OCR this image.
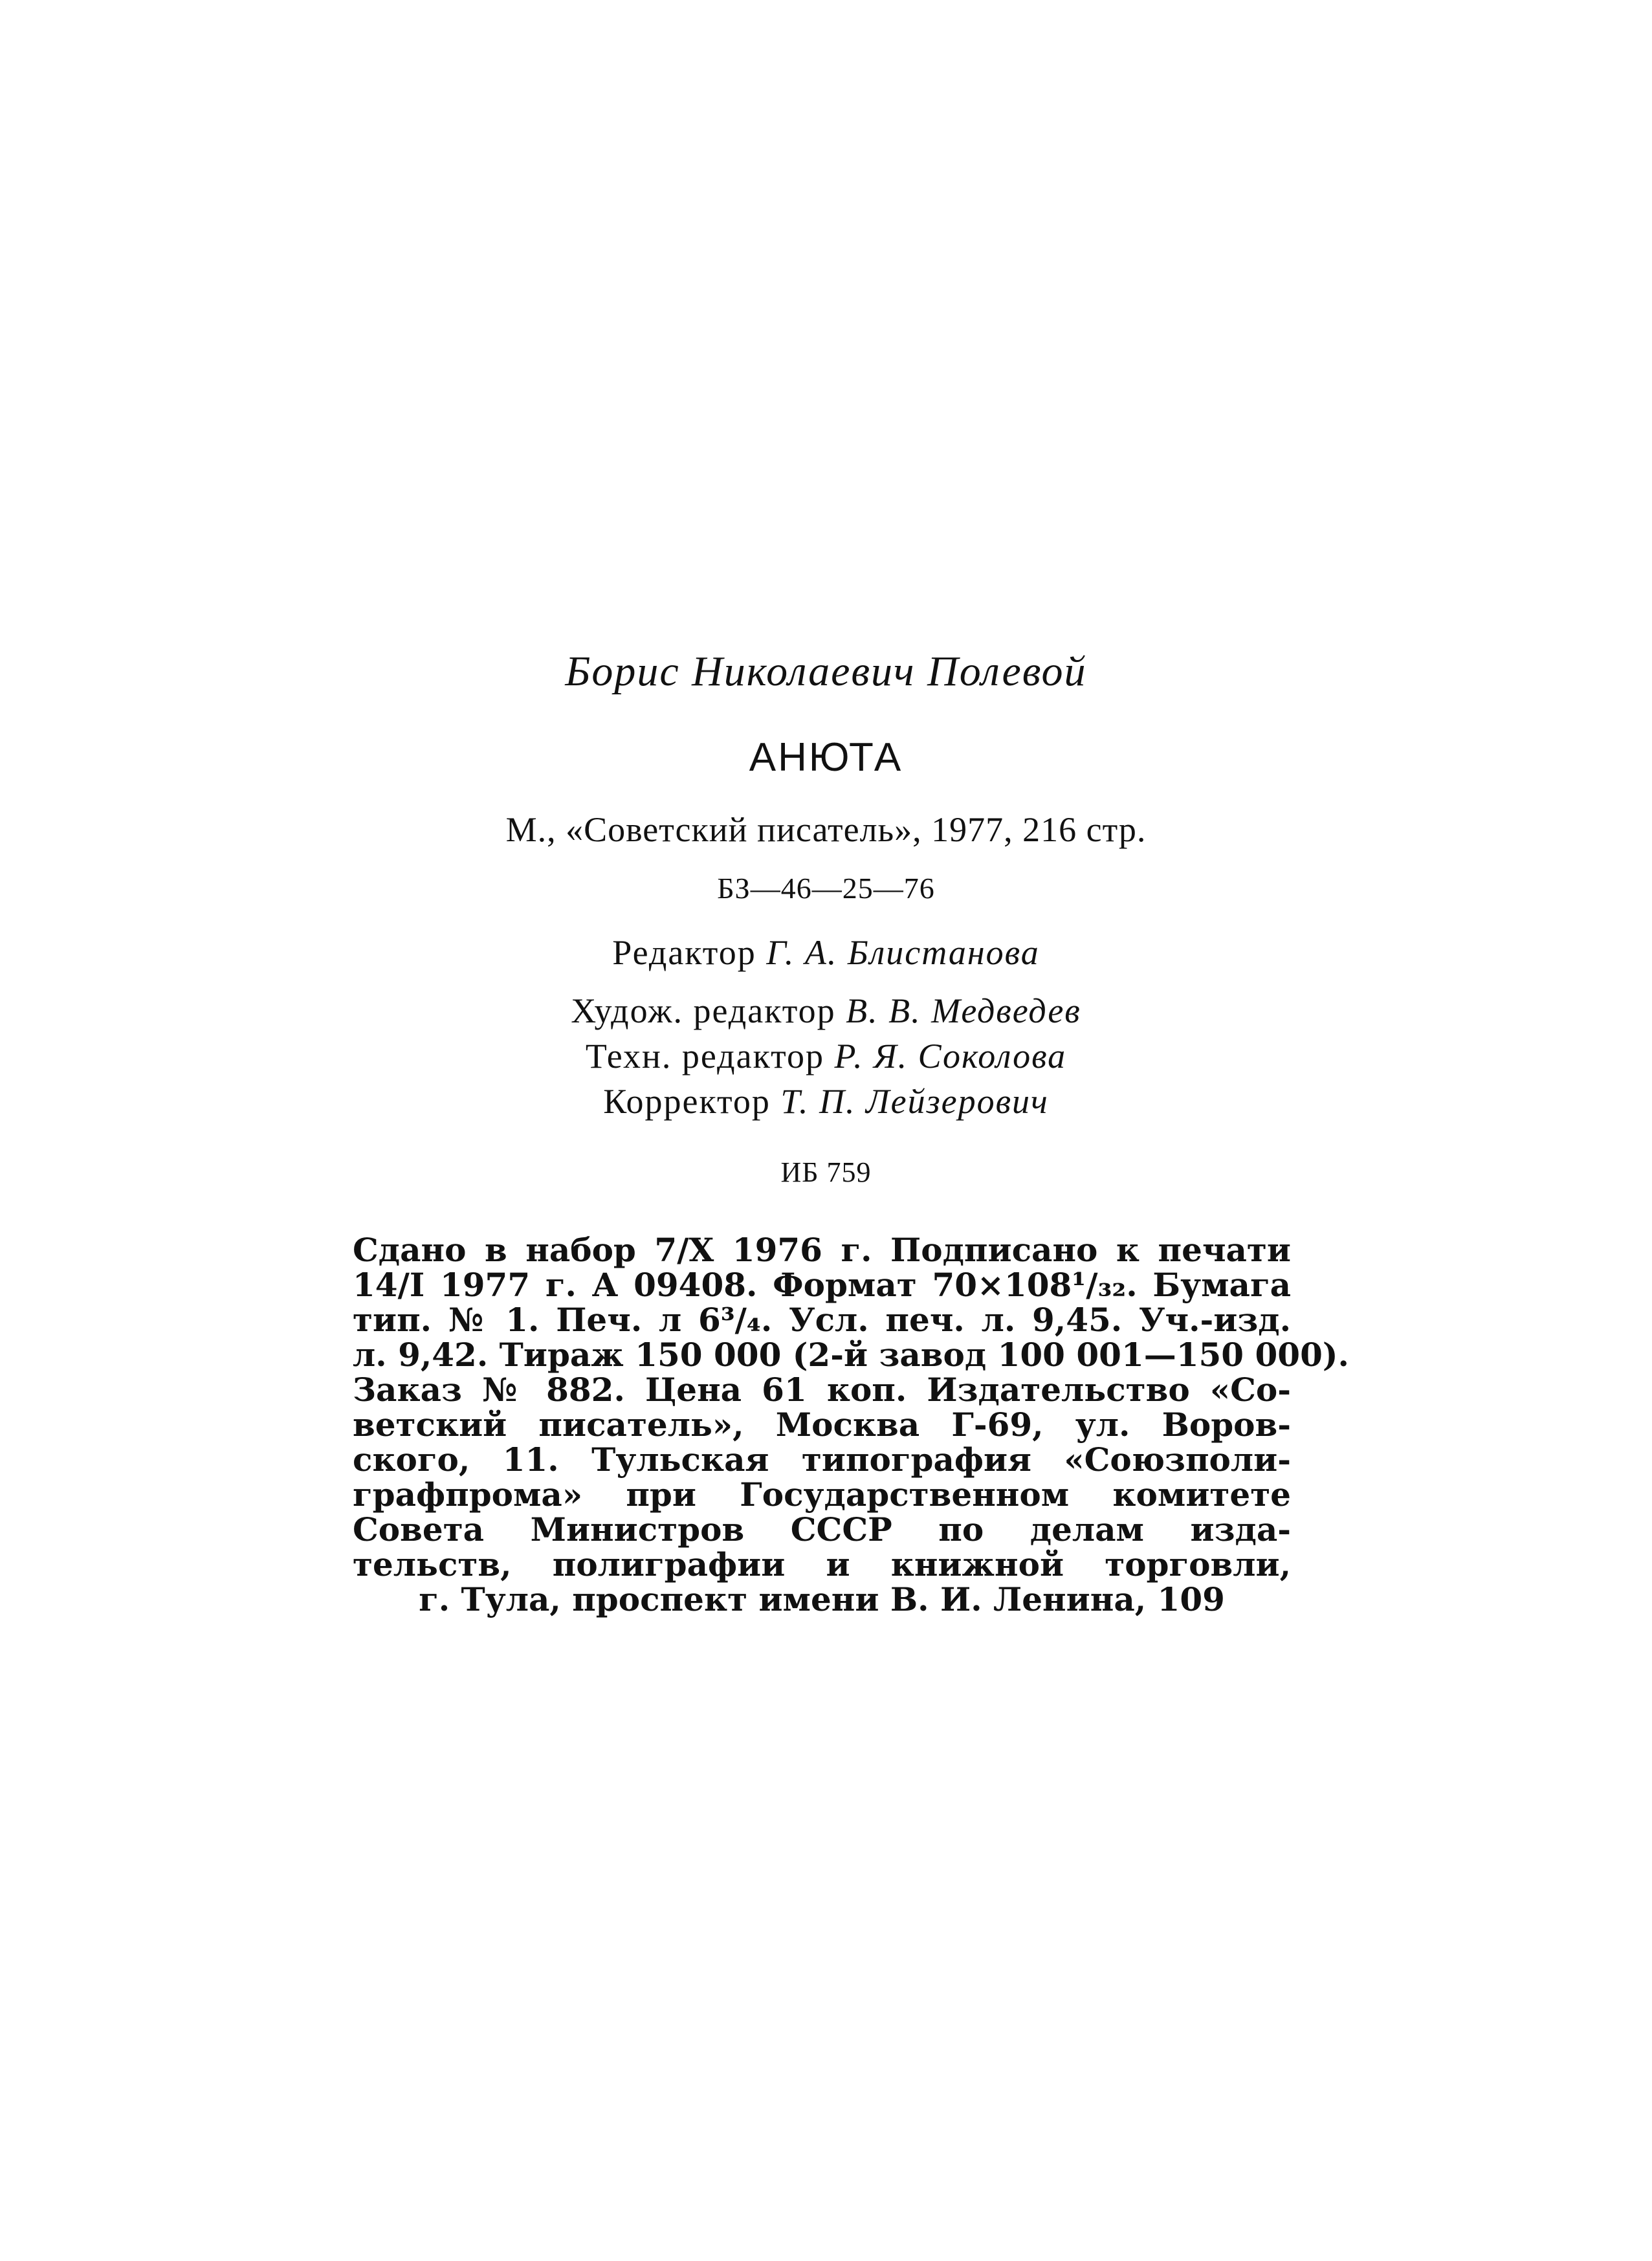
Борис Николаевич Полевой
АНЮТА
М., «Советский писатель», 1977, 216 стр.
БЗ—46—25—76
Редактор Г. А. Блистанова
Худож. редактор В. В. Медведев
Техн. редактор Р. Я. Соколова
Корректор Т. П. Лейзерович
ИБ 759
Сдано в набор 7/X 1976 г. Подписано к печати
14/I 1977 г. А 09408. Формат 70×108¹/₃₂. Бумага
тип. № 1. Печ. л 6³/₄. Усл. печ. л. 9,45. Уч.-изд.
л. 9,42. Тираж 150 000 (2-й завод 100 001—150 000).
Заказ № 882. Цена 61 коп. Издательство «Со-
ветский писатель», Москва Г-69, ул. Воров-
ского, 11. Тульская типография «Союзполи-
графпрома» при Государственном комитете
Совета Министров СССР по делам изда-
тельств, полиграфии и книжной торговли,
г. Тула, проспект имени В. И. Ленина, 109
